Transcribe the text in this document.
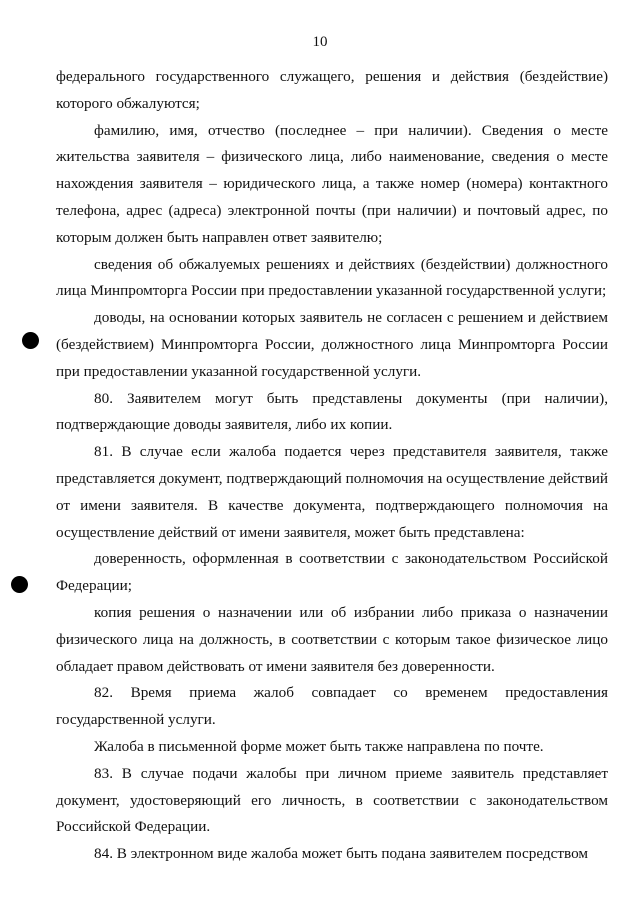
10

федерального государственного служащего, решения и действия (бездействие) которого обжалуются;

фамилию, имя, отчество (последнее – при наличии). Сведения о месте жительства заявителя – физического лица, либо наименование, сведения о месте нахождения заявителя – юридического лица, а также номер (номера) контактного телефона, адрес (адреса) электронной почты (при наличии) и почтовый адрес, по которым должен быть направлен ответ заявителю;

сведения об обжалуемых решениях и действиях (бездействии) должностного лица Минпромторга России при предоставлении указанной государственной услуги;

доводы, на основании которых заявитель не согласен с решением и действием (бездействием) Минпромторга России, должностного лица Минпромторга России при предоставлении указанной государственной услуги.

80. Заявителем могут быть представлены документы (при наличии), подтверждающие доводы заявителя, либо их копии.

81. В случае если жалоба подается через представителя заявителя, также представляется документ, подтверждающий полномочия на осуществление действий от имени заявителя. В качестве документа, подтверждающего полномочия на осуществление действий от имени заявителя, может быть представлена:

доверенность, оформленная в соответствии с законодательством Российской Федерации;

копия решения о назначении или об избрании либо приказа о назначении физического лица на должность, в соответствии с которым такое физическое лицо обладает правом действовать от имени заявителя без доверенности.

82. Время приема жалоб совпадает со временем предоставления государственной услуги.

Жалоба в письменной форме может быть также направлена по почте.

83. В случае подачи жалобы при личном приеме заявитель представляет документ, удостоверяющий его личность, в соответствии с законодательством Российской Федерации.

84. В электронном виде жалоба может быть подана заявителем посредством
